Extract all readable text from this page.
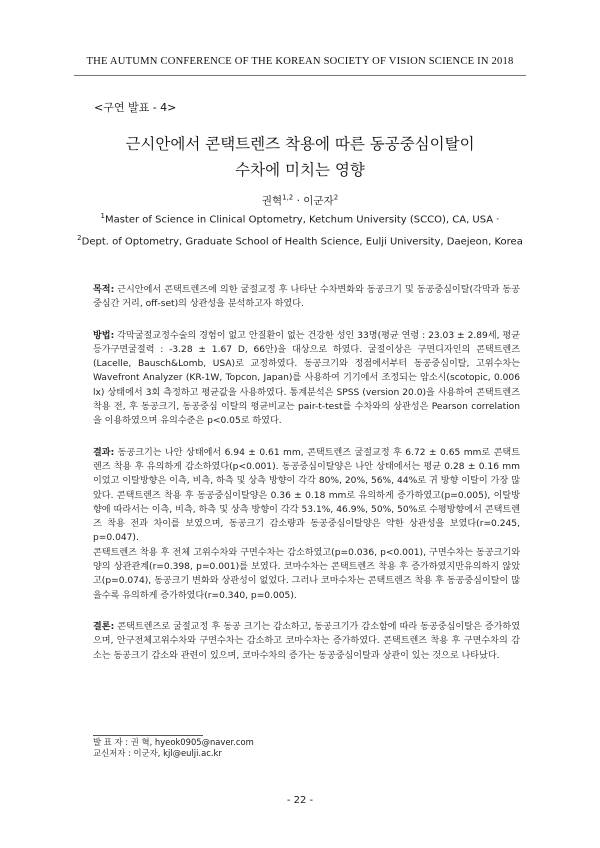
THE AUTUMN CONFERENCE OF THE KOREAN SOCIETY OF VISION SCIENCE IN 2018
<구연 발표 - 4>
근시안에서 콘택트렌즈 착용에 따른 동공중심이탈이
수차에 미치는 영향
권혁$^{1,2}$ · 이군자$^2$
$^1$Master of Science in Clinical Optometry, Ketchum University (SCCO), CA, USA ·
$^2$Dept. of Optometry, Graduate School of Health Science, Eulji University, Daejeon, Korea

목적: 근시안에서 콘택트렌즈에 의한 굴절교정 후 나타난 수차변화와 동공크기 및 동공중심이탈(각막과 동공중심간 거리, off-set)의 상관성을 분석하고자 하였다.

방법: 각막굴절교정수술의 경험이 없고 안질환이 없는 건강한 성인 33명(평균 연령 : 23.03 ± 2.89세, 평균 등가구면굴절력 : -3.28 ± 1.67 D, 66안)을 대상으로 하였다. 굴절이상은 구면디자인의 콘택트렌즈(Lacelle, Bausch&Lomb, USA)로 교정하였다. 동공크기와 정점에서부터 동공중심이탈, 고위수차는 Wavefront Analyzer (KR-1W, Topcon, Japan)를 사용하여 기기에서 조정되는 암소시(scotopic, 0.006 lx) 상태에서 3회 측정하고 평균값을 사용하였다. 통계분석은 SPSS (version 20.0)을 사용하여 콘택트렌즈 착용 전, 후 동공크기, 동공중심 이탈의 평균비교는 pair-t-test를 수차와의 상관성은 Pearson correlation을 이용하였으며 유의수준은 p<0.05로 하였다.

결과: 동공크기는 나안 상태에서 6.94 ± 0.61 mm, 콘택트렌즈 굴절교정 후 6.72 ± 0.65 mm로 콘택트렌즈 착용 후 유의하게 감소하였다(p<0.001). 동공중심이탈양은 나안 상태에서는 평균 0.28 ± 0.16 mm이었고 이탈방향은 이측, 비측, 하측 및 상측 방향이 각각 80%, 20%, 56%, 44%로 귀 방향 이탈이 가장 많았다. 콘택트렌즈 착용 후 동공중심이탈양은 0.36 ± 0.18 mm로 유의하게 증가하였고(p=0.005), 이탈방향에 따라서는 이측, 비측, 하측 및 상측 방향이 각각 53.1%, 46.9%, 50%, 50%로 수평방향에서 콘택트렌즈 착용 전과 차이를 보였으며, 동공크기 감소량과 동공중심이탈양은 약한 상관성을 보였다(r=0.245, p=0.047).

콘택트렌즈 착용 후 전체 고위수차와 구면수차는 감소하였고(p=0.036, p<0.001), 구면수차는 동공크기와 양의 상관관계(r=0.398, p=0.001)를 보였다. 코마수차는 콘택트렌즈 착용 후 증가하였지만유의하지 않았고(p=0.074), 동공크기 변화와 상관성이 없었다. 그러나 코마수차는 콘택트렌즈 착용 후 동공중심이탈이 많을수록 유의하게 증가하였다(r=0.340, p=0.005).

결론: 콘택트렌즈로 굴절교정 후 동공 크기는 감소하고, 동공크기가 감소함에 따라 동공중심이탈은 증가하였으며, 안구전체고위수차와 구면수차는 감소하고 코마수차는 증가하였다. 콘택트렌즈 착용 후 구면수차의 감소는 동공크기 감소와 관련이 있으며, 코마수차의 증가는 동공중심이탈과 상관이 있는 것으로 나타났다.

발 표 자 : 권 혁, hyeok0905@naver.com
교신저자 : 이군자, kjl@eulji.ac.kr
- 22 -
